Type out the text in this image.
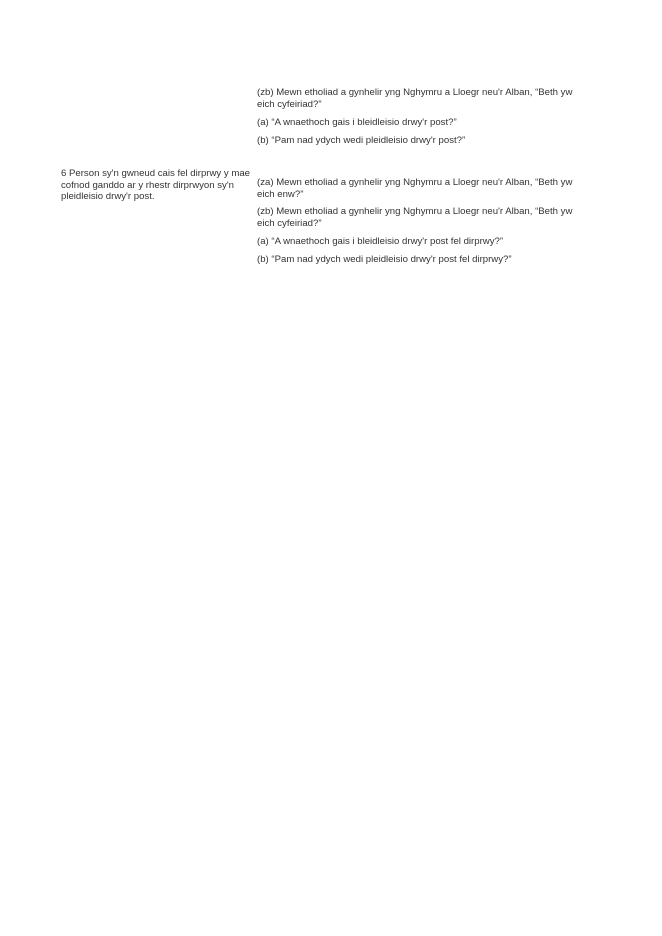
(zb) Mewn etholiad a gynhelir yng Nghymru a Lloegr neu'r Alban, “Beth yw eich cyfeiriad?”

(a) “A wnaethoch gais i bleidleisio drwy'r post?”

(b) “Pam nad ydych wedi pleidleisio drwy'r post?”

6 Person sy'n gwneud cais fel dirprwy y mae cofnod ganddo ar y rhestr dirprwyon sy'n pleidleisio drwy'r post.

(za) Mewn etholiad a gynhelir yng Nghymru a Lloegr neu'r Alban, “Beth yw eich enw?”

(zb) Mewn etholiad a gynhelir yng Nghymru a Lloegr neu'r Alban, “Beth yw eich cyfeiriad?”

(a) “A wnaethoch gais i bleidleisio drwy'r post fel dirprwy?”

(b) “Pam nad ydych wedi pleidleisio drwy'r post fel dirprwy?”
